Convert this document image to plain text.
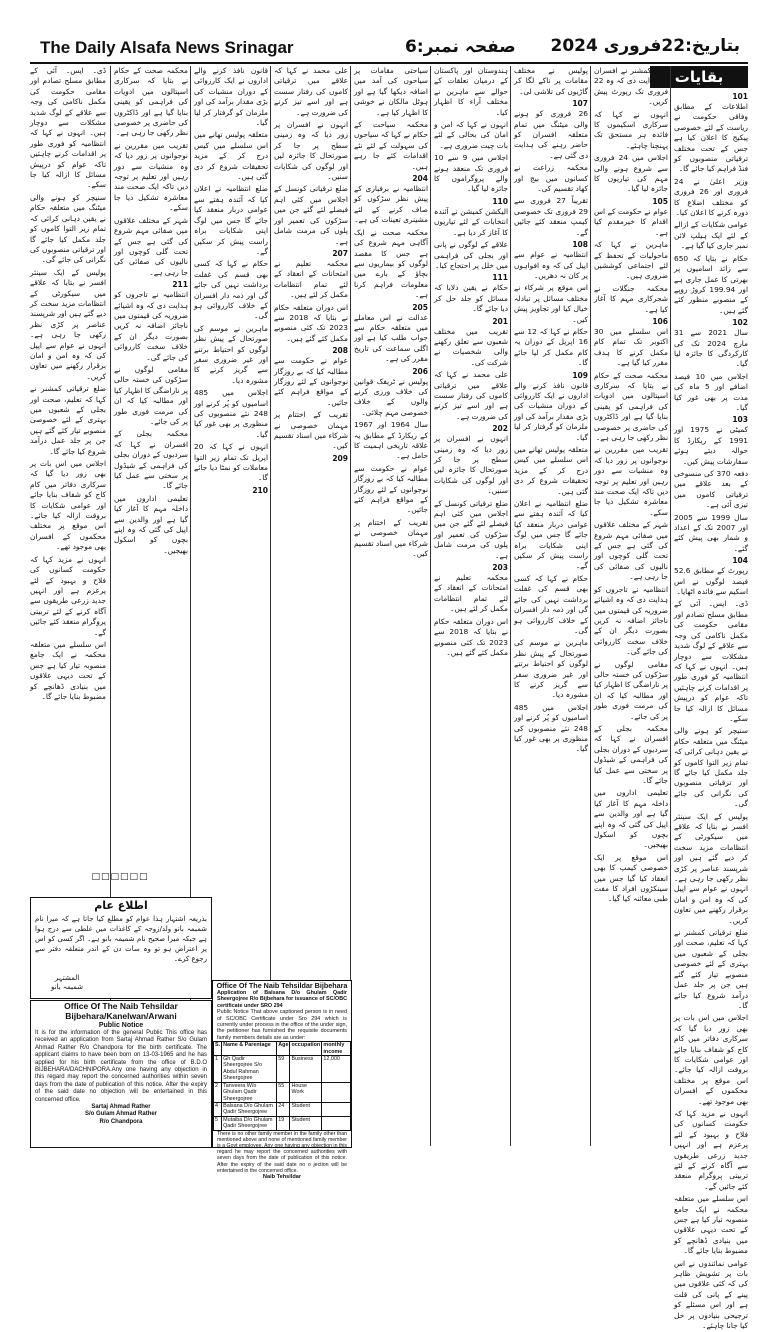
The Daily Alsafa News Srinagar	صفحہ نمبر:6 بتاریخ:22فروری 2024
بقایات
101

اطلاعات کے مطابق وفاقی حکومت نے ریاست کے لئے خصوصی پیکیج کا اعلان کیا ہے جس کے تحت مختلف ترقیاتی منصوبوں کو فنڈ فراہم کیا جائے گا۔

وزیر اعلیٰ نے 24 فروری اور 26 فروری کو مختلف اضلاع کا دورہ کرنے کا اعلان کیا۔

عوامی شکایات کے ازالے کے لئے ایک ہیلپ لائن نمبر جاری کیا گیا ہے۔

حکام نے بتایا کہ 650 سے زائد اسامیوں پر بھرتی کا عمل جاری ہے اور 199.94 کروڑ روپے کے منصوبے منظور کئے گئے ہیں۔

102

سال 2021 سے 31 مارچ 2024 تک کی کارکردگی کا جائزہ لیا گیا۔

اجلاس میں 10 فیصد اضافے اور 5 ماہ کی مدت پر بھی غور کیا گیا۔

103

کمیٹی نے 1975 اور 1991 کے ریکارڈ کا حوالہ دیتے ہوئے سفارشات پیش کیں۔

دفعہ 370 کی منسوخی کے بعد علاقے میں ترقیاتی کاموں میں تیزی آئی ہے۔

سال 1999 سے 2005 اور 2007 تک کے اعداد و شمار بھی پیش کئے گئے۔

104

رپورٹ کے مطابق 52.6 فیصد لوگوں نے اس اسکیم سے فائدہ اٹھایا۔

ڈی۔ ایس۔ آئی کے مطابق مسلح تصادم اور مقامی حکومت کی مکمل ناکامی کی وجہ سے علاقے کے لوگ شدید مشکلات سے دوچار ہیں۔ انہوں نے کہا کہ انتظامیہ کو فوری طور پر اقدامات کرنے چاہئیں تاکہ عوام کو درپیش مسائل کا ازالہ کیا جا سکے۔

سنیچر کو ہونے والی میٹنگ میں متعلقہ حکام نے یقین دہانی کرائی کہ تمام زیر التوا کاموں کو جلد مکمل کیا جائے گا اور ترقیاتی منصوبوں کی نگرانی کی جائے گی۔

پولیس کے ایک سینئر افسر نے بتایا کہ علاقے میں سیکورٹی کے انتظامات مزید سخت کر دیے گئے ہیں اور شرپسند عناصر پر کڑی نظر رکھی جا رہی ہے۔ انہوں نے عوام سے اپیل کی کہ وہ امن و امان برقرار رکھنے میں تعاون کریں۔

ضلع ترقیاتی کمشنر نے کہا کہ تعلیم، صحت اور بجلی کے شعبوں میں بہتری کے لئے خصوصی منصوبے تیار کئے گئے ہیں جن پر جلد عمل درآمد شروع کیا جائے گا۔

اجلاس میں اس بات پر بھی زور دیا گیا کہ سرکاری دفاتر میں کام کاج کو شفاف بنایا جائے اور عوامی شکایات کا بروقت ازالہ کیا جائے۔ اس موقع پر مختلف محکموں کے افسران بھی موجود تھے۔

انہوں نے مزید کہا کہ حکومت کسانوں کی فلاح و بہبود کے لئے پرعزم ہے اور انہیں جدید زرعی طریقوں سے آگاہ کرنے کے لئے تربیتی پروگرام منعقد کئے جائیں گے۔

اس سلسلے میں متعلقہ محکمہ نے ایک جامع منصوبہ تیار کیا ہے جس کے تحت دیہی علاقوں میں بنیادی ڈھانچے کو مضبوط بنایا جائے گا۔

عوامی نمائندوں نے اس بات پر تشویش ظاہر کی کہ کئی علاقوں میں پینے کے پانی کی قلت ہے اور اس مسئلے کو ترجیحی بنیادوں پر حل کیا جانا چاہئے۔

ڈپٹی کمشنر نے افسران کو ہدایت دی کہ وہ 22 فروری تک رپورٹ پیش کریں۔

انہوں نے کہا کہ سرکاری اسکیموں کا فائدہ ہر مستحق تک پہنچنا چاہئے۔

اجلاس میں 24 فروری سے شروع ہونے والی مہم کی تیاریوں کا جائزہ لیا گیا۔

105

عوام نے حکومت کے اس اقدام کا خیرمقدم کیا ہے۔

ماہرین نے کہا کہ ماحولیات کے تحفظ کے لئے اجتماعی کوششیں ضروری ہیں۔

محکمہ جنگلات نے شجرکاری مہم کا آغاز کیا ہے۔

106

اس سلسلے میں 30 اکتوبر تک تمام کام مکمل کرنے کا ہدف مقرر کیا گیا ہے۔

محکمہ صحت کے حکام نے بتایا کہ سرکاری اسپتالوں میں ادویات کی فراہمی کو یقینی بنایا گیا ہے اور ڈاکٹروں کی حاضری پر خصوصی نظر رکھی جا رہی ہے۔

تقریب میں مقررین نے نوجوانوں پر زور دیا کہ وہ منشیات سے دور رہیں اور تعلیم پر توجہ دیں تاکہ ایک صحت مند معاشرہ تشکیل دیا جا سکے۔

شہر کے مختلف علاقوں میں صفائی مہم شروع کی گئی ہے جس کے تحت گلی کوچوں اور نالیوں کی صفائی کی جا رہی ہے۔

انتظامیہ نے تاجروں کو ہدایت دی کہ وہ اشیائے ضروریہ کی قیمتوں میں ناجائز اضافہ نہ کریں بصورت دیگر ان کے خلاف سخت کارروائی کی جائے گی۔

مقامی لوگوں نے سڑکوں کی خستہ حالی پر ناراضگی کا اظہار کیا اور مطالبہ کیا کہ ان کی مرمت فوری طور پر کی جائے۔

محکمہ بجلی کے افسران نے کہا کہ سردیوں کے دوران بجلی کی فراہمی کے شیڈول پر سختی سے عمل کیا جائے گا۔

تعلیمی اداروں میں داخلہ مہم کا آغاز کیا گیا ہے اور والدین سے اپیل کی گئی کہ وہ اپنے بچوں کو اسکول بھیجیں۔

اس موقع پر ایک خصوصی کیمپ کا بھی انعقاد کیا گیا جس میں سینکڑوں افراد کا مفت طبی معائنہ کیا گیا۔

پولیس نے مختلف مقامات پر ناکے لگا کر گاڑیوں کی تلاشی لی۔

107

26 فروری کو ہونے والی میٹنگ میں تمام متعلقہ افسران کو حاضر رہنے کی ہدایت دی گئی ہے۔

محکمہ زراعت نے کسانوں میں بیج اور کھاد تقسیم کی۔

تقریباً 27 فروری سے 29 فروری تک خصوصی کیمپ منعقد کئے جائیں گے۔

108

انتظامیہ نے عوام سے اپیل کی کہ وہ افواہوں پر کان نہ دھریں۔

اس موقع پر شرکاء نے مختلف مسائل پر تبادلہ خیال کیا اور تجاویز پیش کیں۔

حکام نے کہا کہ 12 سے 16 اپریل کے دوران یہ کام مکمل کر لیا جائے گا۔

109

قانون نافذ کرنے والے اداروں نے ایک کارروائی کے دوران منشیات کی بڑی مقدار برآمد کی اور ملزمان کو گرفتار کر لیا گیا۔

متعلقہ پولیس تھانے میں اس سلسلے میں کیس درج کر کے مزید تحقیقات شروع کر دی گئی ہیں۔

ضلع انتظامیہ نے اعلان کیا کہ آئندہ ہفتے سے عوامی دربار منعقد کیا جائے گا جس میں لوگ اپنی شکایات براہ راست پیش کر سکیں گے۔

حکام نے کہا کہ کسی بھی قسم کی غفلت برداشت نہیں کی جائے گی اور ذمہ دار افسران کے خلاف کارروائی ہو گی۔

ماہرین نے موسم کی صورتحال کے پیش نظر لوگوں کو احتیاط برتنے اور غیر ضروری سفر سے گریز کرنے کا مشورہ دیا۔

اجلاس میں 485 اسامیوں کو پُر کرنے اور 248 نئے منصوبوں کی منظوری پر بھی غور کیا گیا۔

ہندوستان اور پاکستان کے درمیان تعلقات کے حوالے سے ماہرین نے مختلف آراء کا اظہار کیا۔

انہوں نے کہا کہ امن و امان کی بحالی کے لئے بات چیت ضروری ہے۔

اجلاس میں 9 سے 10 فروری تک منعقد ہونے والے پروگراموں کا جائزہ لیا گیا۔

110

الیکشن کمیشن نے آئندہ انتخابات کے لئے تیاریوں کا آغاز کر دیا ہے۔

علاقے کے لوگوں نے پانی اور بجلی کی فراہمی میں خلل پر احتجاج کیا۔

111

حکام نے یقین دلایا کہ مسائل کو جلد حل کر دیا جائے گا۔

201

تقریب میں مختلف شعبوں سے تعلق رکھنے والی شخصیات نے شرکت کی۔

علی محمد نے کہا کہ علاقے میں ترقیاتی کاموں کی رفتار سست ہے اور اسے تیز کرنے کی ضرورت ہے۔

202

انہوں نے افسران پر زور دیا کہ وہ زمینی سطح پر جا کر صورتحال کا جائزہ لیں اور لوگوں کی شکایات سنیں۔

ضلع ترقیاتی کونسل کے اجلاس میں کئی اہم فیصلے لئے گئے جن میں سڑکوں کی تعمیر اور پلوں کی مرمت شامل ہے۔

203

محکمہ تعلیم نے امتحانات کے انعقاد کے لئے تمام انتظامات مکمل کر لئے ہیں۔

اس دوران متعلقہ حکام نے بتایا کہ 2018 سے 2023 تک کئی منصوبے مکمل کئے گئے ہیں۔

سیاحتی مقامات پر سیاحوں کی آمد میں اضافہ دیکھا گیا ہے اور ہوٹل مالکان نے خوشی کا اظہار کیا ہے۔

محکمہ سیاحت کے حکام نے کہا کہ سیاحوں کی سہولت کے لئے نئے اقدامات کئے جا رہے ہیں۔

204

انتظامیہ نے برفباری کے پیش نظر سڑکوں کو صاف کرنے کے لئے مشینری تعینات کی ہے۔

محکمہ صحت نے ایک آگاہی مہم شروع کی ہے جس کا مقصد لوگوں کو بیماریوں سے بچاؤ کے بارے میں معلومات فراہم کرنا ہے۔

205

عدالت نے اس معاملے میں متعلقہ حکام سے جواب طلب کیا ہے اور اگلی سماعت کی تاریخ مقرر کی ہے۔

206

پولیس نے ٹریفک قوانین کی خلاف ورزی کرنے والوں کے خلاف خصوصی مہم چلائی۔

سال 1964 اور 1967 کے ریکارڈ کے مطابق یہ علاقہ تاریخی اہمیت کا حامل ہے۔

عوام نے حکومت سے مطالبہ کیا کہ بے روزگار نوجوانوں کے لئے روزگار کے مواقع فراہم کئے جائیں۔

تقریب کے اختتام پر مہمان خصوصی نے شرکاء میں اسناد تقسیم کیں۔

علی محمد نے کہا کہ علاقے میں ترقیاتی کاموں کی رفتار سست ہے اور اسے تیز کرنے کی ضرورت ہے۔

انہوں نے افسران پر زور دیا کہ وہ زمینی سطح پر جا کر صورتحال کا جائزہ لیں اور لوگوں کی شکایات سنیں۔

ضلع ترقیاتی کونسل کے اجلاس میں کئی اہم فیصلے لئے گئے جن میں سڑکوں کی تعمیر اور پلوں کی مرمت شامل ہے۔

207

محکمہ تعلیم نے امتحانات کے انعقاد کے لئے تمام انتظامات مکمل کر لئے ہیں۔

اس دوران متعلقہ حکام نے بتایا کہ 2018 سے 2023 تک کئی منصوبے مکمل کئے گئے ہیں۔

208

عوام نے حکومت سے مطالبہ کیا کہ بے روزگار نوجوانوں کے لئے روزگار کے مواقع فراہم کئے جائیں۔

تقریب کے اختتام پر مہمان خصوصی نے شرکاء میں اسناد تقسیم کیں۔

209

قانون نافذ کرنے والے اداروں نے ایک کارروائی کے دوران منشیات کی بڑی مقدار برآمد کی اور ملزمان کو گرفتار کر لیا گیا۔

متعلقہ پولیس تھانے میں اس سلسلے میں کیس درج کر کے مزید تحقیقات شروع کر دی گئی ہیں۔

ضلع انتظامیہ نے اعلان کیا کہ آئندہ ہفتے سے عوامی دربار منعقد کیا جائے گا جس میں لوگ اپنی شکایات براہ راست پیش کر سکیں گے۔

حکام نے کہا کہ کسی بھی قسم کی غفلت برداشت نہیں کی جائے گی اور ذمہ دار افسران کے خلاف کارروائی ہو گی۔

ماہرین نے موسم کی صورتحال کے پیش نظر لوگوں کو احتیاط برتنے اور غیر ضروری سفر سے گریز کرنے کا مشورہ دیا۔

اجلاس میں 485 اسامیوں کو پُر کرنے اور 248 نئے منصوبوں کی منظوری پر بھی غور کیا گیا۔

انہوں نے کہا کہ 20 اپریل تک تمام زیر التوا معاملات کو نمٹا دیا جائے گا۔

210

محکمہ صحت کے حکام نے بتایا کہ سرکاری اسپتالوں میں ادویات کی فراہمی کو یقینی بنایا گیا ہے اور ڈاکٹروں کی حاضری پر خصوصی نظر رکھی جا رہی ہے۔

تقریب میں مقررین نے نوجوانوں پر زور دیا کہ وہ منشیات سے دور رہیں اور تعلیم پر توجہ دیں تاکہ ایک صحت مند معاشرہ تشکیل دیا جا سکے۔

شہر کے مختلف علاقوں میں صفائی مہم شروع کی گئی ہے جس کے تحت گلی کوچوں اور نالیوں کی صفائی کی جا رہی ہے۔

211

انتظامیہ نے تاجروں کو ہدایت دی کہ وہ اشیائے ضروریہ کی قیمتوں میں ناجائز اضافہ نہ کریں بصورت دیگر ان کے خلاف سخت کارروائی کی جائے گی۔

مقامی لوگوں نے سڑکوں کی خستہ حالی پر ناراضگی کا اظہار کیا اور مطالبہ کیا کہ ان کی مرمت فوری طور پر کی جائے۔

محکمہ بجلی کے افسران نے کہا کہ سردیوں کے دوران بجلی کی فراہمی کے شیڈول پر سختی سے عمل کیا جائے گا۔

تعلیمی اداروں میں داخلہ مہم کا آغاز کیا گیا ہے اور والدین سے اپیل کی گئی کہ وہ اپنے بچوں کو اسکول بھیجیں۔

ڈی۔ ایس۔ آئی کے مطابق مسلح تصادم اور مقامی حکومت کی مکمل ناکامی کی وجہ سے علاقے کے لوگ شدید مشکلات سے دوچار ہیں۔ انہوں نے کہا کہ انتظامیہ کو فوری طور پر اقدامات کرنے چاہئیں تاکہ عوام کو درپیش مسائل کا ازالہ کیا جا سکے۔

سنیچر کو ہونے والی میٹنگ میں متعلقہ حکام نے یقین دہانی کرائی کہ تمام زیر التوا کاموں کو جلد مکمل کیا جائے گا اور ترقیاتی منصوبوں کی نگرانی کی جائے گی۔

پولیس کے ایک سینئر افسر نے بتایا کہ علاقے میں سیکورٹی کے انتظامات مزید سخت کر دیے گئے ہیں اور شرپسند عناصر پر کڑی نظر رکھی جا رہی ہے۔ انہوں نے عوام سے اپیل کی کہ وہ امن و امان برقرار رکھنے میں تعاون کریں۔

ضلع ترقیاتی کمشنر نے کہا کہ تعلیم، صحت اور بجلی کے شعبوں میں بہتری کے لئے خصوصی منصوبے تیار کئے گئے ہیں جن پر جلد عمل درآمد شروع کیا جائے گا۔

اجلاس میں اس بات پر بھی زور دیا گیا کہ سرکاری دفاتر میں کام کاج کو شفاف بنایا جائے اور عوامی شکایات کا بروقت ازالہ کیا جائے۔ اس موقع پر مختلف محکموں کے افسران بھی موجود تھے۔

انہوں نے مزید کہا کہ حکومت کسانوں کی فلاح و بہبود کے لئے پرعزم ہے اور انہیں جدید زرعی طریقوں سے آگاہ کرنے کے لئے تربیتی پروگرام منعقد کئے جائیں گے۔

اس سلسلے میں متعلقہ محکمہ نے ایک جامع منصوبہ تیار کیا ہے جس کے تحت دیہی علاقوں میں بنیادی ڈھانچے کو مضبوط بنایا جائے گا۔

□□□□□□
اطلاع عام
بذریعہ اشتہار ہذا عوام کو مطلع کیا جاتا ہے کہ میرا نام شمیمہ بانو ولد/زوجہ کے کاغذات میں غلطی سے درج ہوا ہے جبکہ میرا صحیح نام شمیمہ بانو ہے۔ اگر کسی کو اس پر اعتراض ہو تو وہ سات دن کے اندر متعلقہ دفتر سے رجوع کرے۔
المشتہر
شمیمہ بانو
Office Of The Naib Tehsildar
Bijbehara/Kanelwan/Arwani
Public Notice
It is for the information of the general Public This office has received an application from Sartaj Ahmad Rather S/o Gulam Ahmad Rather R/o Chandpora for the birth certificate. The applicant claims to have been born on 13-03-1965 and he has applied for his birth certificate from the office of B.D.O BIJBEHARA/DACHNIPORA.Any one having any objection in this regard may report the concerned authorities within seven days from the date of publication of this notice. After the expiry of the said date no objection will be entertained in this concerned office.
Sartaj Ahmad Rather
S/o Gulam Ahmad Rather
R/o Chandpora
Office Of The Naib Tehsildar Bijbehara
Application of Balsana D/o Ghulam Qadir Sheergojree R/o Bijbehara for issuance of SC/OBC certificate under SRO 294
Public Notice That above captioned person is in need of SC/OBC Certificate under Sro 294 which is currently under process in the office of the under sign, the petitioner has furnished the requisite documents family members details are as under:
S.	Name & Parentage	Age	occupation	monthly income
1	Gh Qadir Sheergojree S/o Abdul Rahman Sheergojree	59	Business	12,000
2	Tanveera W/o Ghulam Qadir Sheergojree	55	House Work	
4	Balsana D/o Ghulam Qadir Sheergojree	24	Student	
5	Mutaiba D/o Ghulam Qadir Sheergojree	19	Student	
There is no other family member in the family other than mentioned above and none of mentioned family member is a Govt employee. Any one having any objection in this regard he may report the concerned authorities with seven days from the date of publication of this notice. After the expiry of the said date no o jection will be entertained in the concerned office.
Naib Tehsildar
